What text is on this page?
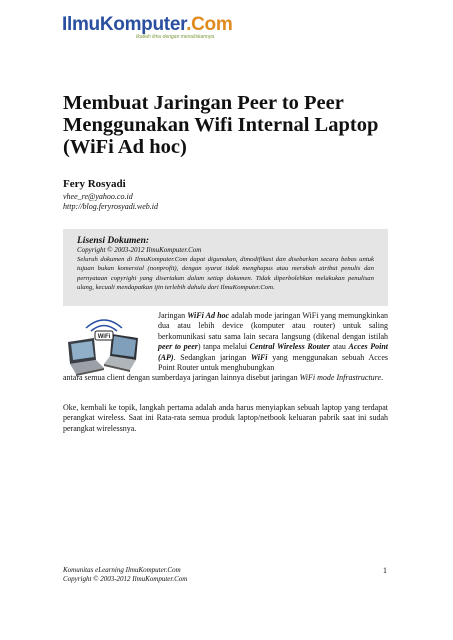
IlmuKomputer.Com
Ikatlah ilmu dengan menuliskannya
Membuat Jaringan Peer to Peer Menggunakan Wifi Internal Laptop (WiFi Ad hoc)

Fery Rosyadi

vhee_re@yahoo.co.id

http://blog.feryrosyadi.web.id

Lisensi Dokumen:

Copyright © 2003-2012 IlmuKomputer.Com

Seluruh dokumen di IlmuKomputer.Com dapat digunakan, dimodifikasi dan disebarkan secara bebas untuk tujuan bukan komersial (nonprofit), dengan syarat tidak menghapus atau merubah atribut penulis dan pernyataan copyright yang disertakan dalam setiap dokumen. Tidak diperbolehkan melakukan penulisan ulang, kecuali mendapatkan ijin terlebih dahulu dari IlmuKomputer.Com.

WiFi

Jaringan WiFi Ad hoc adalah mode jaringan WiFi yang memungkinkan dua atau lebih device (komputer atau router) untuk saling berkomunikasi satu sama lain secara langsung (dikenal dengan istilah peer to peer) tanpa melalui Central Wireless Router atau Acces Point (AP). Sedangkan jaringan WiFi yang menggunakan sebuah Acces Point Router untuk menghubungkan

antara semua client dengan sumberdaya jaringan lainnya disebut jaringan WiFi mode Infrastructure.

Oke, kembali ke topik, langkah pertama adalah anda harus menyiapkan sebuah laptop yang terdapat perangkat wireless. Saat ini Rata-rata semua produk laptop/netbook keluaran pabrik saat ini sudah perangkat wirelessnya.

Komunitas eLearning IlmuKomputer.Com

Copyright © 2003-2012 IlmuKomputer.Com

1
